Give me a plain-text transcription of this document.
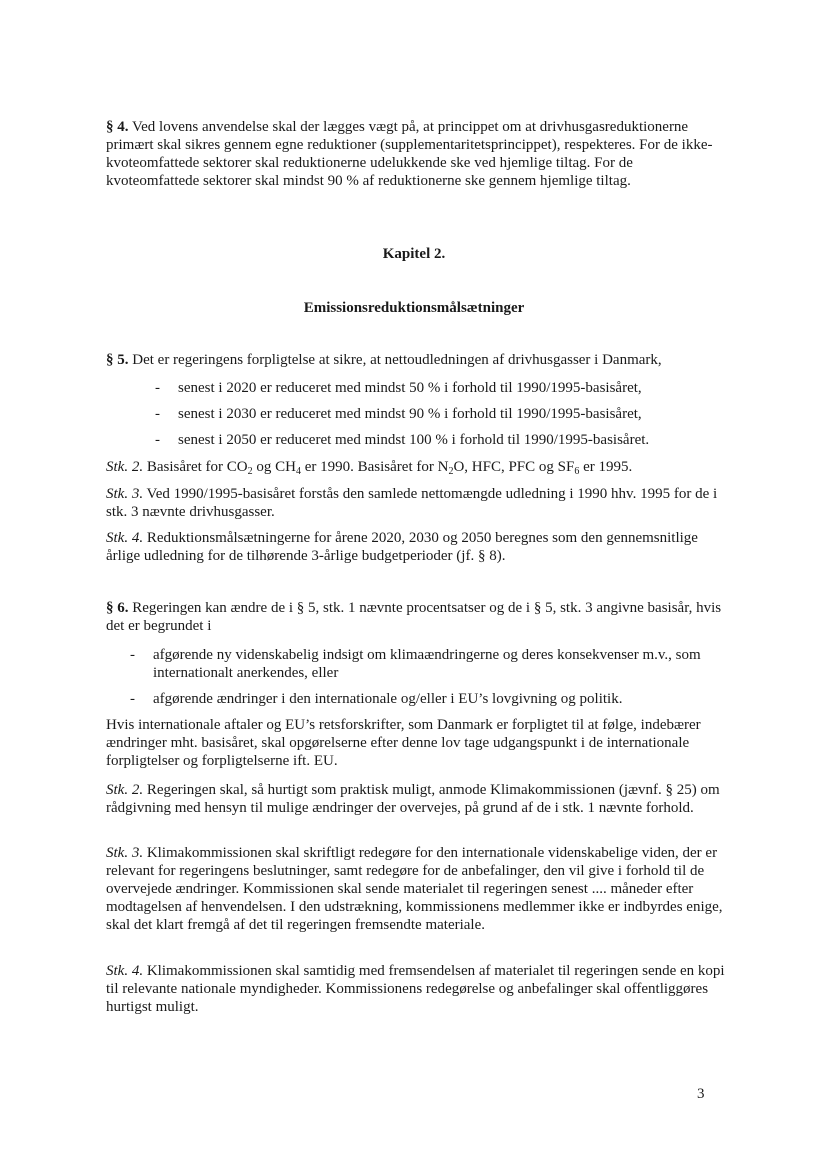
§ 4. Ved lovens anvendelse skal der lægges vægt på, at princippet om at drivhusgasreduktionerne primært skal sikres gennem egne reduktioner (supplementaritetsprincippet), respekteres. For de ikke-kvoteomfattede sektorer skal reduktionerne udelukkende ske ved hjemlige tiltag. For de kvoteomfattede sektorer skal mindst 90 % af reduktionerne ske gennem hjemlige tiltag.

Kapitel 2.

Emissionsreduktionsmålsætninger

§ 5. Det er regeringens forpligtelse at sikre, at nettoudledningen af drivhusgasser i Danmark,

- senest i 2020 er reduceret med mindst 50 % i forhold til 1990/1995-basisåret,

- senest i 2030 er reduceret med mindst 90 % i forhold til 1990/1995-basisåret,

- senest i 2050 er reduceret med mindst 100 % i forhold til 1990/1995-basisåret.

Stk. 2. Basisåret for $CO_2$ og $CH_4$ er 1990. Basisåret for $N_2O$, HFC, PFC og $SF_6$ er 1995.

Stk. 3. Ved 1990/1995-basisåret forstås den samlede nettomængde udledning i 1990 hhv. 1995 for de i stk. 3 nævnte drivhusgasser.

Stk. 4. Reduktionsmålsætningerne for årene 2020, 2030 og 2050 beregnes som den gennemsnitlige årlige udledning for de tilhørende 3-årlige budgetperioder (jf. § 8).

§ 6. Regeringen kan ændre de i § 5, stk. 1 nævnte procentsatser og de i § 5, stk. 3 angivne basisår, hvis det er begrundet i

- afgørende ny videnskabelig indsigt om klimaændringerne og deres konsekvenser m.v., som internationalt anerkendes, eller

- afgørende ændringer i den internationale og/eller i EU’s lovgivning og politik.

Hvis internationale aftaler og EU’s retsforskrifter, som Danmark er forpligtet til at følge, indebærer ændringer mht. basisåret, skal opgørelserne efter denne lov tage udgangspunkt i de internationale forpligtelser og forpligtelserne ift. EU.

Stk. 2. Regeringen skal, så hurtigt som praktisk muligt, anmode Klimakommissionen (jævnf. § 25) om rådgivning med hensyn til mulige ændringer der overvejes, på grund af de i stk. 1 nævnte forhold.

Stk. 3. Klimakommissionen skal skriftligt redegøre for den internationale videnskabelige viden, der er relevant for regeringens beslutninger, samt redegøre for de anbefalinger, den vil give i forhold til de overvejede ændringer. Kommissionen skal sende materialet til regeringen senest .... måneder efter modtagelsen af henvendelsen. I den udstrækning, kommissionens medlemmer ikke er indbyrdes enige, skal det klart fremgå af det til regeringen fremsendte materiale.

Stk. 4. Klimakommissionen skal samtidig med fremsendelsen af materialet til regeringen sende en kopi til relevante nationale myndigheder. Kommissionens redegørelse og anbefalinger skal offentliggøres hurtigst muligt.

3
